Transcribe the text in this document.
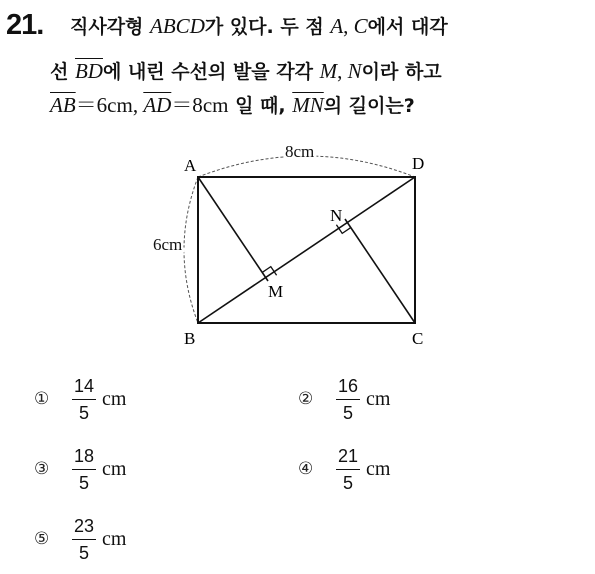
21. 직사각형 ABCD가 있다. 두 점 A, C에서 대각
선 $\overline{BD}$에 내린 수선의 발을 각각 M, N이라 하고
$\overline{AB}=6cm$, $\overline{AD}=8cm$ 일 때, $\overline{MN}$의 길이는?
A	D
B	C
M
N
8cm
6cm
①	$\frac{14}{5}$ cm	②	$\frac{16}{5}$ cm
③	$\frac{18}{5}$ cm	④	$\frac{21}{5}$ cm
⑤	$\frac{23}{5}$ cm
